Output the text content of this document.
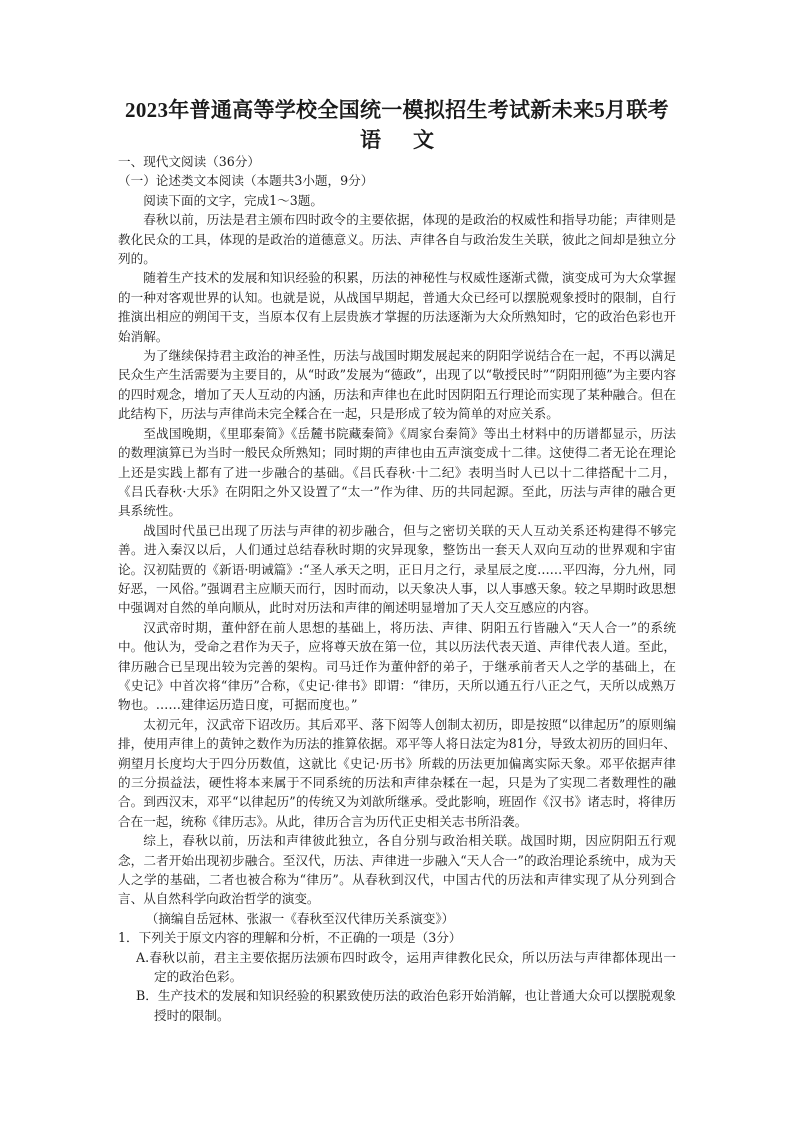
2023年普通高等学校全国统一模拟招生考试新未来5月联考
语文

一、现代文阅读（36分）

（一）论述类文本阅读（本题共3小题，9分）

阅读下面的文字，完成1～3题。

春秋以前，历法是君主颁布四时政令的主要依据，体现的是政治的权威性和指导功能；声律则是教化民众的工具，体现的是政治的道德意义。历法、声律各自与政治发生关联，彼此之间却是独立分列的。

随着生产技术的发展和知识经验的积累，历法的神秘性与权威性逐渐式微，演变成可为大众掌握的一种对客观世界的认知。也就是说，从战国早期起，普通大众已经可以摆脱观象授时的限制，自行推演出相应的朔闰干支，当原本仅有上层贵族才掌握的历法逐渐为大众所熟知时，它的政治色彩也开始消解。

为了继续保持君主政治的神圣性，历法与战国时期发展起来的阴阳学说结合在一起，不再以满足民众生产生活需要为主要目的，从“时政”发展为“德政”，出现了以“敬授民时”“阴阳刑德”为主要内容的四时观念，增加了天人互动的内涵，历法和声律也在此时因阴阳五行理论而实现了某种融合。但在此结构下，历法与声律尚未完全糅合在一起，只是形成了较为简单的对应关系。

至战国晚期，《里耶秦简》《岳麓书院藏秦简》《周家台秦简》等出土材料中的历谱都显示，历法的数理演算已为当时一般民众所熟知；同时期的声律也由五声演变成十二律。这使得二者无论在理论上还是实践上都有了进一步融合的基础。《吕氏春秋·十二纪》表明当时人已以十二律搭配十二月，《吕氏春秋·大乐》在阴阳之外又设置了“太一”作为律、历的共同起源。至此，历法与声律的融合更具系统性。

战国时代虽已出现了历法与声律的初步融合，但与之密切关联的天人互动关系还构建得不够完善。进入秦汉以后，人们通过总结春秋时期的灾异现象，整饬出一套天人双向互动的世界观和宇宙论。汉初陆贾的《新语·明诫篇》:“圣人承天之明，正日月之行，录星辰之度……平四海，分九州，同好恶，一风俗。”强调君主应顺天而行，因时而动，以天象决人事，以人事感天象。较之早期时政思想中强调对自然的单向顺从，此时对历法和声律的阐述明显增加了天人交互感应的内容。

汉武帝时期，董仲舒在前人思想的基础上，将历法、声律、阴阳五行皆融入“天人合一”的系统中。他认为，受命之君作为天子，应将尊天放在第一位，其以历法代表天道、声律代表人道。至此，律历融合已呈现出较为完善的架构。司马迁作为董仲舒的弟子，于继承前者天人之学的基础上，在《史记》中首次将“律历”合称，《史记·律书》即谓：“律历，天所以通五行八正之气，天所以成熟万物也。……建律运历造日度，可据而度也。”

太初元年，汉武帝下诏改历。其后邓平、落下闳等人创制太初历，即是按照“以律起历”的原则编排，使用声律上的黄钟之数作为历法的推算依据。邓平等人将日法定为81分，导致太初历的回归年、朔望月长度均大于四分历数值，这就比《史记·历书》所载的历法更加偏离实际天象。邓平依据声律的三分损益法，硬性将本来属于不同系统的历法和声律杂糅在一起，只是为了实现二者数理性的融合。到西汉末，邓平“以律起历”的传统又为刘歆所继承。受此影响，班固作《汉书》诸志时，将律历合在一起，统称《律历志》。从此，律历合言为历代正史相关志书所沿袭。

综上，春秋以前，历法和声律彼此独立，各自分别与政治相关联。战国时期，因应阴阳五行观念，二者开始出现初步融合。至汉代，历法、声律进一步融入“天人合一”的政治理论系统中，成为天人之学的基础，二者也被合称为“律历”。从春秋到汉代，中国古代的历法和声律实现了从分列到合言、从自然科学向政治哲学的演变。

（摘编自岳冠林、张淑一《春秋至汉代律历关系演变》）

1．下列关于原文内容的理解和分析，不正确的一项是（3分）

A.春秋以前，君主主要依据历法颁布四时政令，运用声律教化民众，所以历法与声律都体现出一定的政治色彩。

B．生产技术的发展和知识经验的积累致使历法的政治色彩开始消解，也让普通大众可以摆脱观象授时的限制。
